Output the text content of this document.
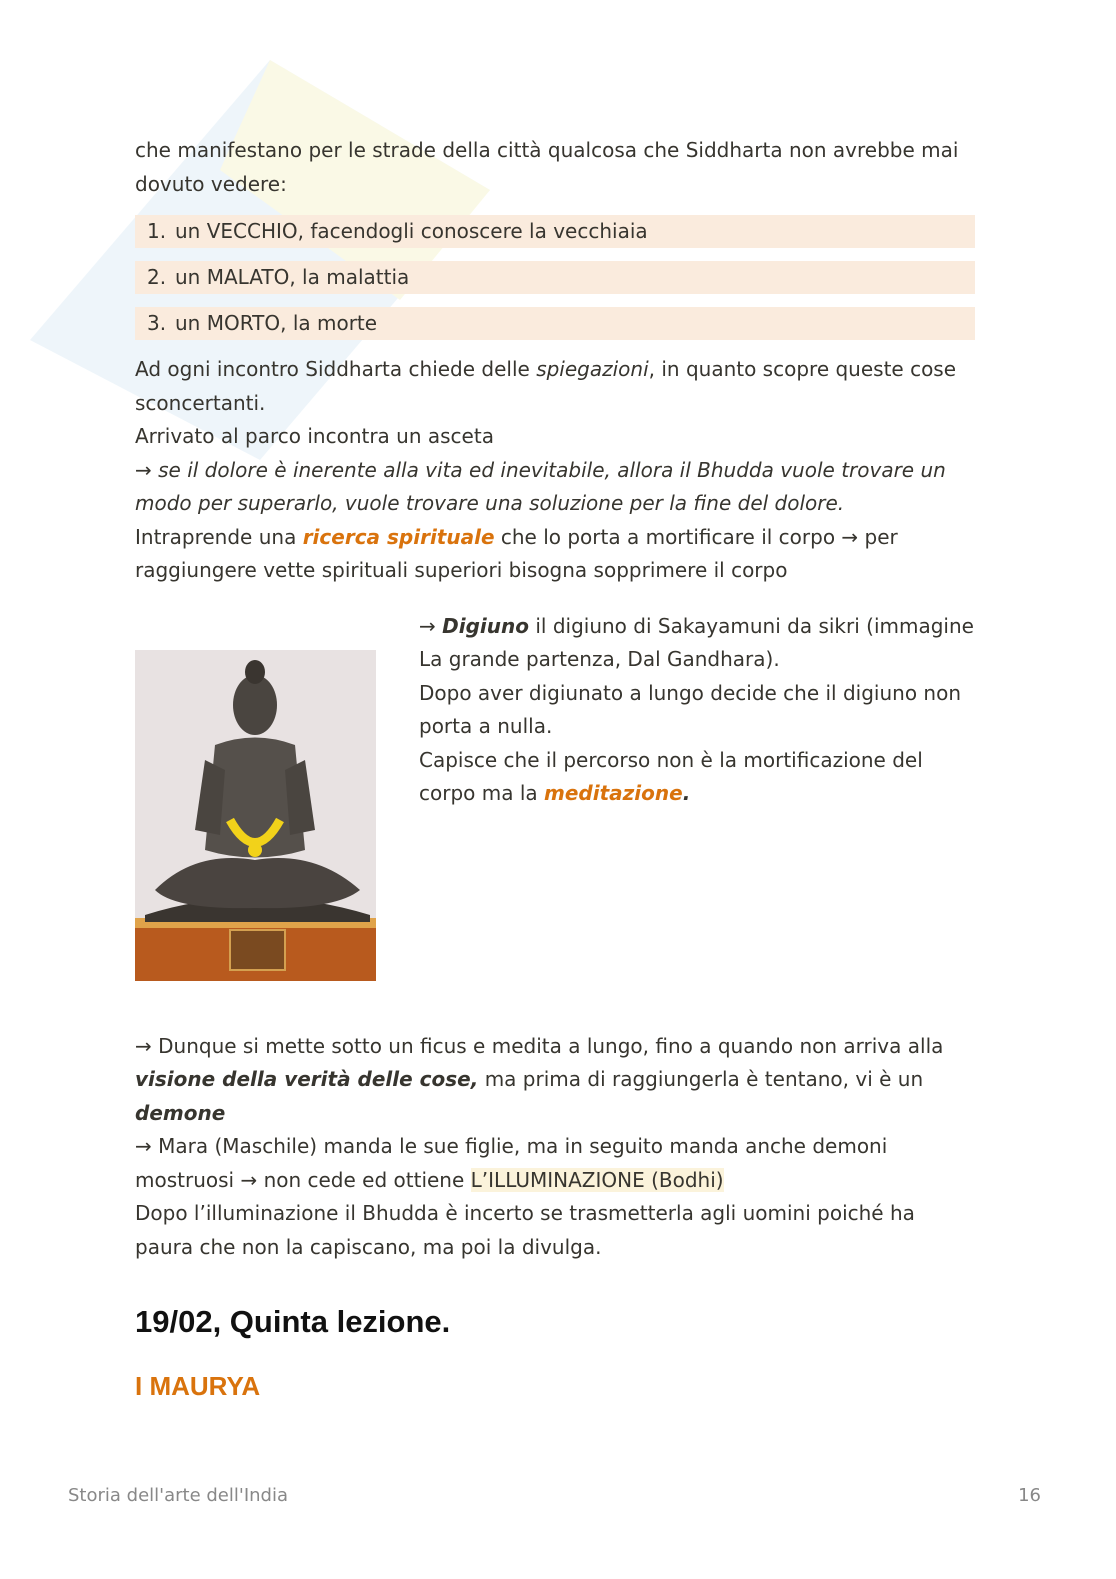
che manifestano per le strade della città qualcosa che Siddharta non avrebbe mai dovuto vedere:

1. un VECCHIO, facendogli conoscere la vecchiaia
2. un MALATO, la malattia
3. un MORTO, la morte

Ad ogni incontro Siddharta chiede delle spiegazioni, in quanto scopre queste cose sconcertanti.

Arrivato al parco incontra un asceta

→ se il dolore è inerente alla vita ed inevitabile, allora il Bhudda vuole trovare un modo per superarlo, vuole trovare una soluzione per la fine del dolore.

Intraprende una ricerca spirituale che lo porta a mortificare il corpo → per raggiungere vette spirituali superiori bisogna sopprimere il corpo

→ Digiuno il digiuno di Sakayamuni da sikri (immagine La grande partenza, Dal Gandhara).

Dopo aver digiunato a lungo decide che il digiuno non porta a nulla.

Capisce che il percorso non è la mortificazione del corpo ma la meditazione.

→ Dunque si mette sotto un ficus e medita a lungo, fino a quando non arriva alla visione della verità delle cose, ma prima di raggiungerla è tentano, vi è un demone

→ Mara (Maschile) manda le sue figlie, ma in seguito manda anche demoni mostruosi → non cede ed ottiene L’ILLUMINAZIONE (Bodhi)

Dopo l’illuminazione il Bhudda è incerto se trasmetterla agli uomini poiché ha paura che non la capiscano, ma poi la divulga.

19/02, Quinta lezione.
I MAURYA
Storia dell'arte dell'India	16
